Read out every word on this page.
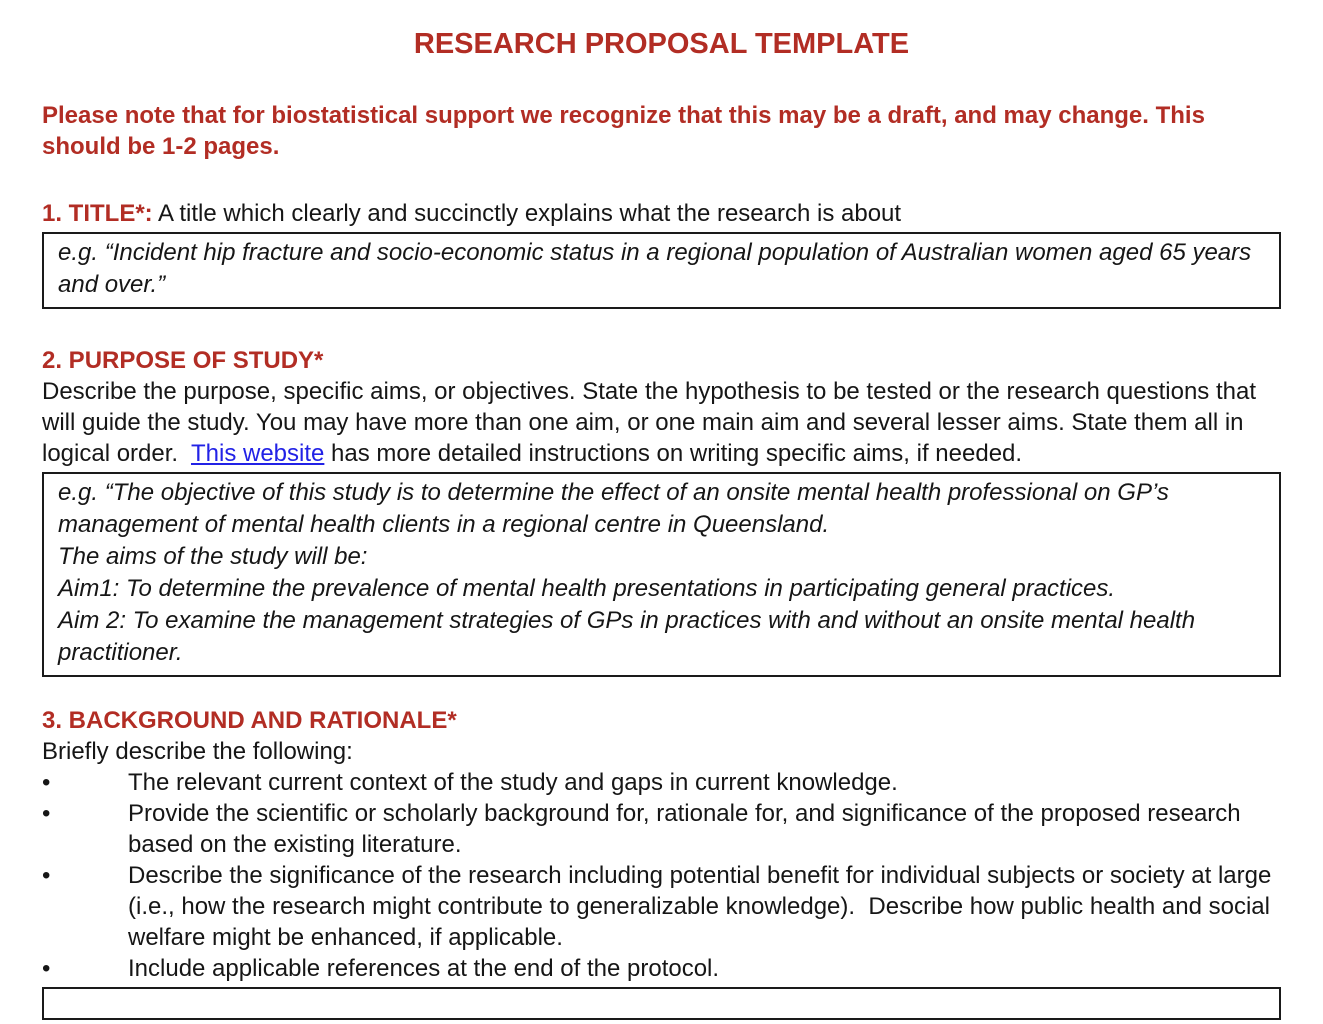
RESEARCH PROPOSAL TEMPLATE
Please note that for biostatistical support we recognize that this may be a draft, and may change. This should be 1-2 pages.
1. TITLE*: A title which clearly and succinctly explains what the research is about

e.g. “Incident hip fracture and socio-economic status in a regional population of Australian women aged 65 years and over.”

2. PURPOSE OF STUDY*
Describe the purpose, specific aims, or objectives. State the hypothesis to be tested or the research questions that will guide the study. You may have more than one aim, or one main aim and several lesser aims. State them all in logical order.  This website has more detailed instructions on writing specific aims, if needed.

e.g. “The objective of this study is to determine the effect of an onsite mental health professional on GP’s management of mental health clients in a regional centre in Queensland.

The aims of the study will be:

Aim1: To determine the prevalence of mental health presentations in participating general practices.

Aim 2: To examine the management strategies of GPs in practices with and without an onsite mental health practitioner.

3. BACKGROUND AND RATIONALE*
Briefly describe the following:
•	The relevant current context of the study and gaps in current knowledge.
•	Provide the scientific or scholarly background for, rationale for, and significance of the proposed research based on the existing literature.
•	Describe the significance of the research including potential benefit for individual subjects or society at large (i.e., how the research might contribute to generalizable knowledge).  Describe how public health and social welfare might be enhanced, if applicable.
•	Include applicable references at the end of the protocol.
